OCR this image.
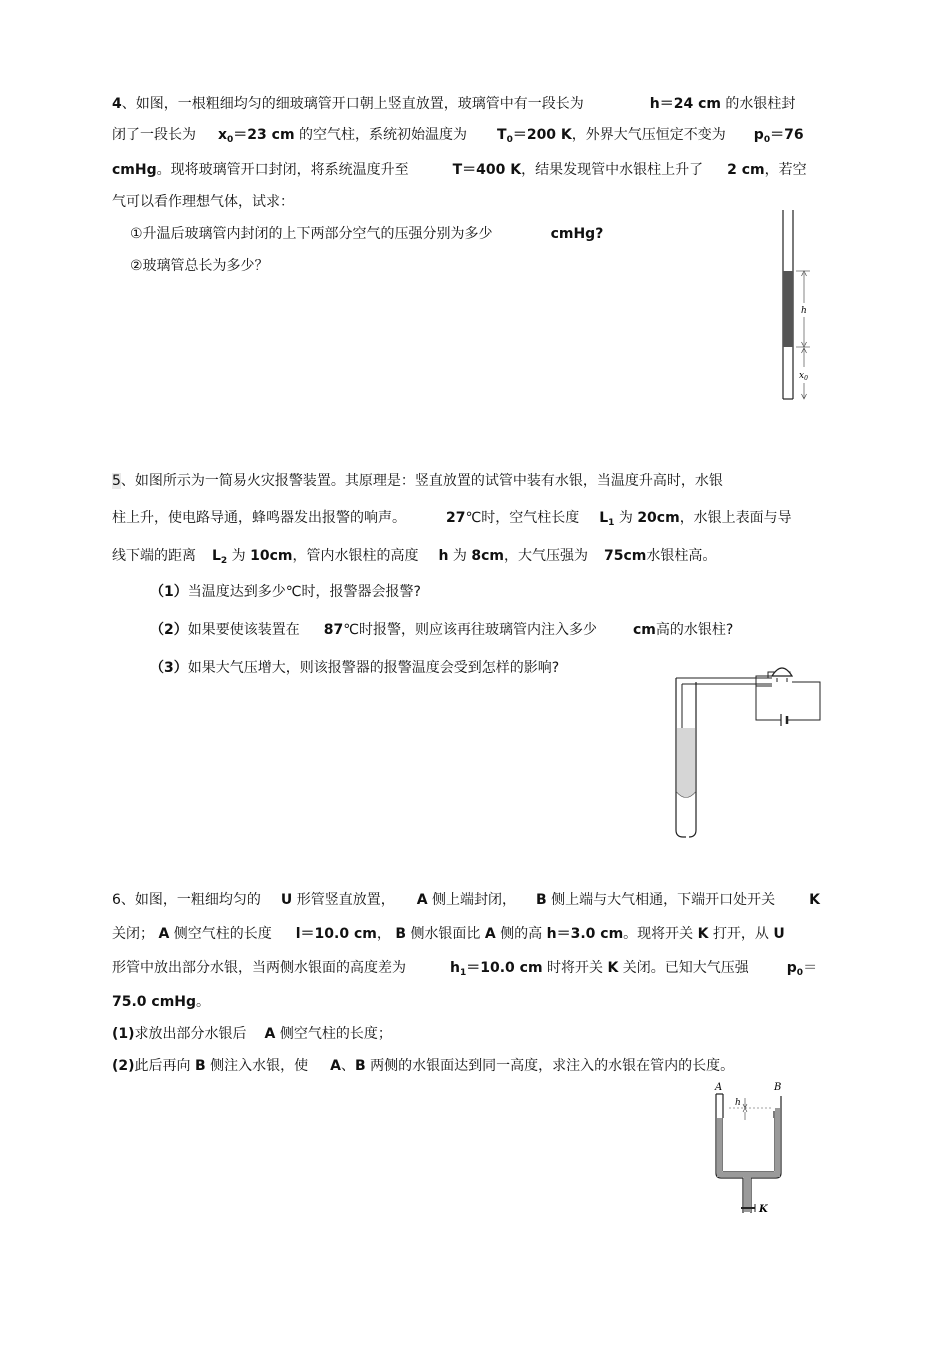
4、如图，一根粗细均匀的细玻璃管开口朝上竖直放置，玻璃管中有一段长为	h＝24 cm 的水银柱封
闭了一段长为 $x_0=23$ cm 的空气柱，系统初始温度为 $T_0=200$ K，外界大气压恒定不变为 $p_0=76$
cmHg。现将玻璃管开口封闭，将系统温度升至	T＝400 K，结果发现管中水银柱上升了 2 cm，若空
气可以看作理想气体，试求：
①升温后玻璃管内封闭的上下两部分空气的压强分别为多少	cmHg?
②玻璃管总长为多少？
h
$x_0$
5、如图所示为一简易火灾报警装置。其原理是：竖直放置的试管中装有水银，当温度升高时，水银
柱上升，使电路导通，蜂鸣器发出报警的响声。	27℃时，空气柱长度 $L_1$ 为 20cm，水银上表面与导
线下端的距离 $L_2$ 为 10cm，管内水银柱的高度 h 为 8cm，大气压强为 75cm水银柱高。
（1）当温度达到多少℃时，报警器会报警?
（2）如果要使该装置在 87℃时报警，则应该再往玻璃管内注入多少	cm高的水银柱?
（3）如果大气压增大，则该报警器的报警温度会受到怎样的影响?
6、如图，一粗细均匀的 U 形管竖直放置， A 侧上端封闭， B 侧上端与大气相通，下端开口处开关 K
关闭； A 侧空气柱的长度 l＝10.0 cm， B 侧水银面比 A 侧的高 h＝3.0 cm。现将开关 K 打开，从 U
形管中放出部分水银，当两侧水银面的高度差为	$h_1=10.0$ cm 时将开关 K 关闭。已知大气压强	$p_0=$
75.0 cmHg。
(1)求放出部分水银后 A 侧空气柱的长度；
(2)此后再向 B 侧注入水银，使 A、B 两侧的水银面达到同一高度，求注入的水银在管内的长度。
A	B
h
K
